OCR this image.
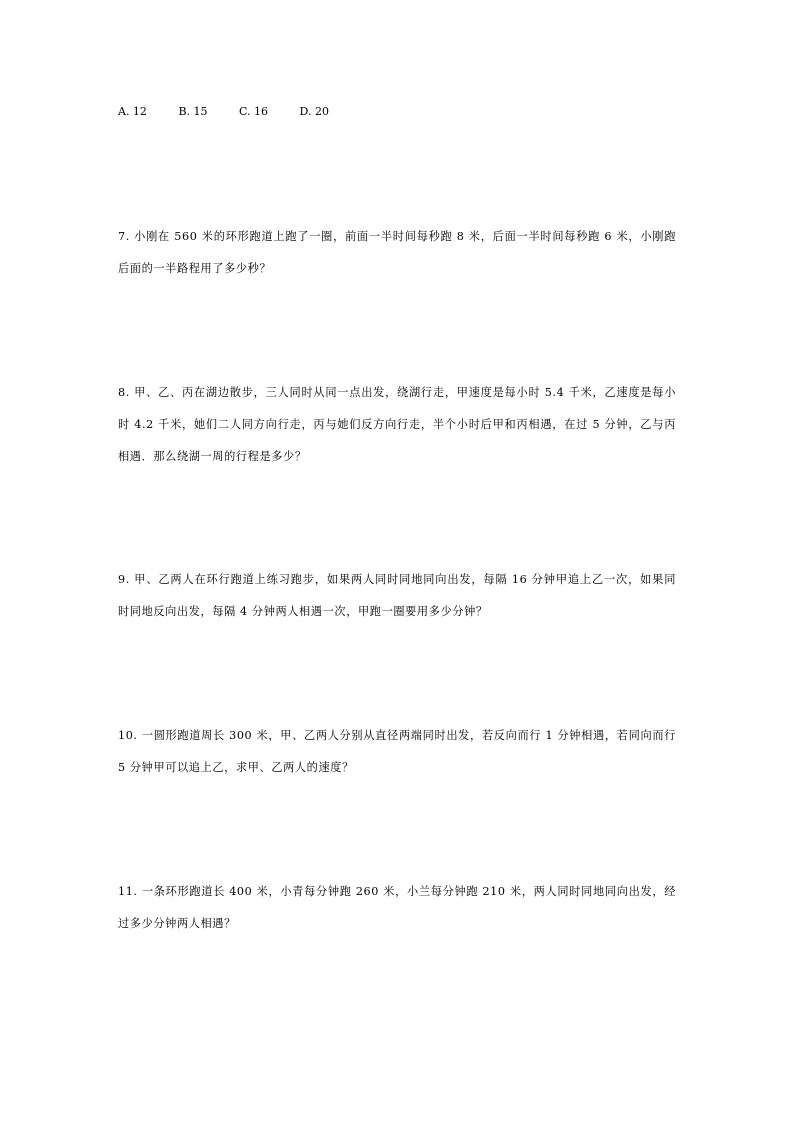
A. 12	B. 15	C. 16	D. 20
7. 小刚在 560 米的环形跑道上跑了一圈，前面一半时间每秒跑 8 米，后面一半时间每秒跑 6 米，小刚跑后面的一半路程用了多少秒？
8. 甲、乙、丙在湖边散步，三人同时从同一点出发，绕湖行走，甲速度是每小时 5.4 千米，乙速度是每小时 4.2 千米，她们二人同方向行走，丙与她们反方向行走，半个小时后甲和丙相遇，在过 5 分钟，乙与丙相遇．那么绕湖一周的行程是多少？
9. 甲、乙两人在环行跑道上练习跑步，如果两人同时同地同向出发，每隔 16 分钟甲追上乙一次，如果同时同地反向出发，每隔 4 分钟两人相遇一次，甲跑一圈要用多少分钟？
10. 一圆形跑道周长 300 米，甲、乙两人分别从直径两端同时出发，若反向而行 1 分钟相遇，若同向而行 5 分钟甲可以追上乙，求甲、乙两人的速度？
11. 一条环形跑道长 400 米，小青每分钟跑 260 米，小兰每分钟跑 210 米，两人同时同地同向出发，经过多少分钟两人相遇？
